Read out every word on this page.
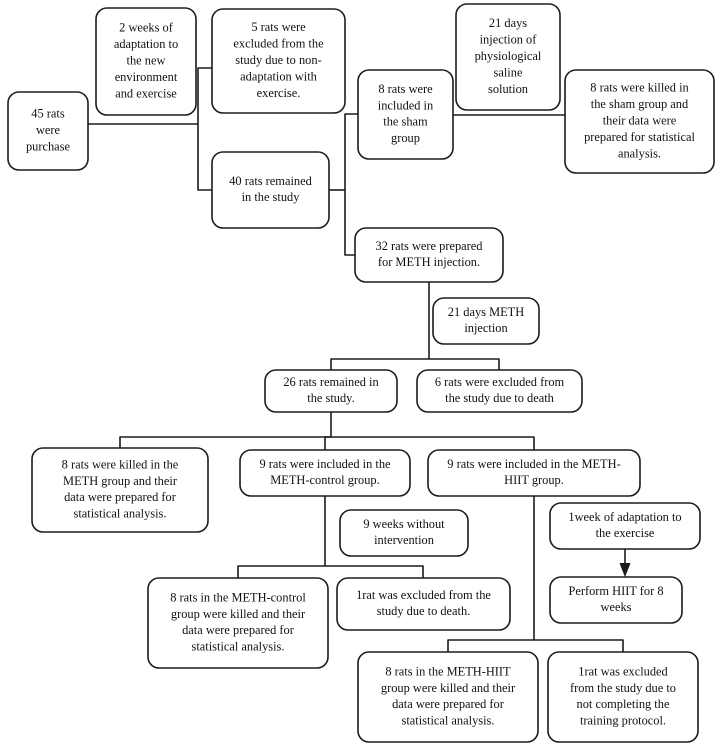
45 rats were purchase
2 weeks of adaptation to the new environment and exercise
5 rats were excluded from the study due to non-adaptation with exercise.
40 rats remained in the study
8 rats were included in the sham group
21 days injection of physiological saline solution	8 rats were killed in the sham group and their data were prepared for statistical analysis.
32 rats were prepared for METH injection.
21 days METH injection
26 rats remained in the study.
6 rats were excluded from the study due to death
8 rats were killed in the METH group and their data were prepared for statistical analysis.
9 rats were included in the METH-control group.
9 rats were included in the METH-HIIT group.
9 weeks without intervention
1week of adaptation to the exercise
Perform HIIT for 8 weeks
8 rats in the METH-control group were killed and their data were prepared for statistical analysis.
1rat was excluded from the study due to death.
8 rats in the METH-HIIT group were killed and their data were prepared for statistical analysis.
1rat was excluded from the study due to not completing the training protocol.
